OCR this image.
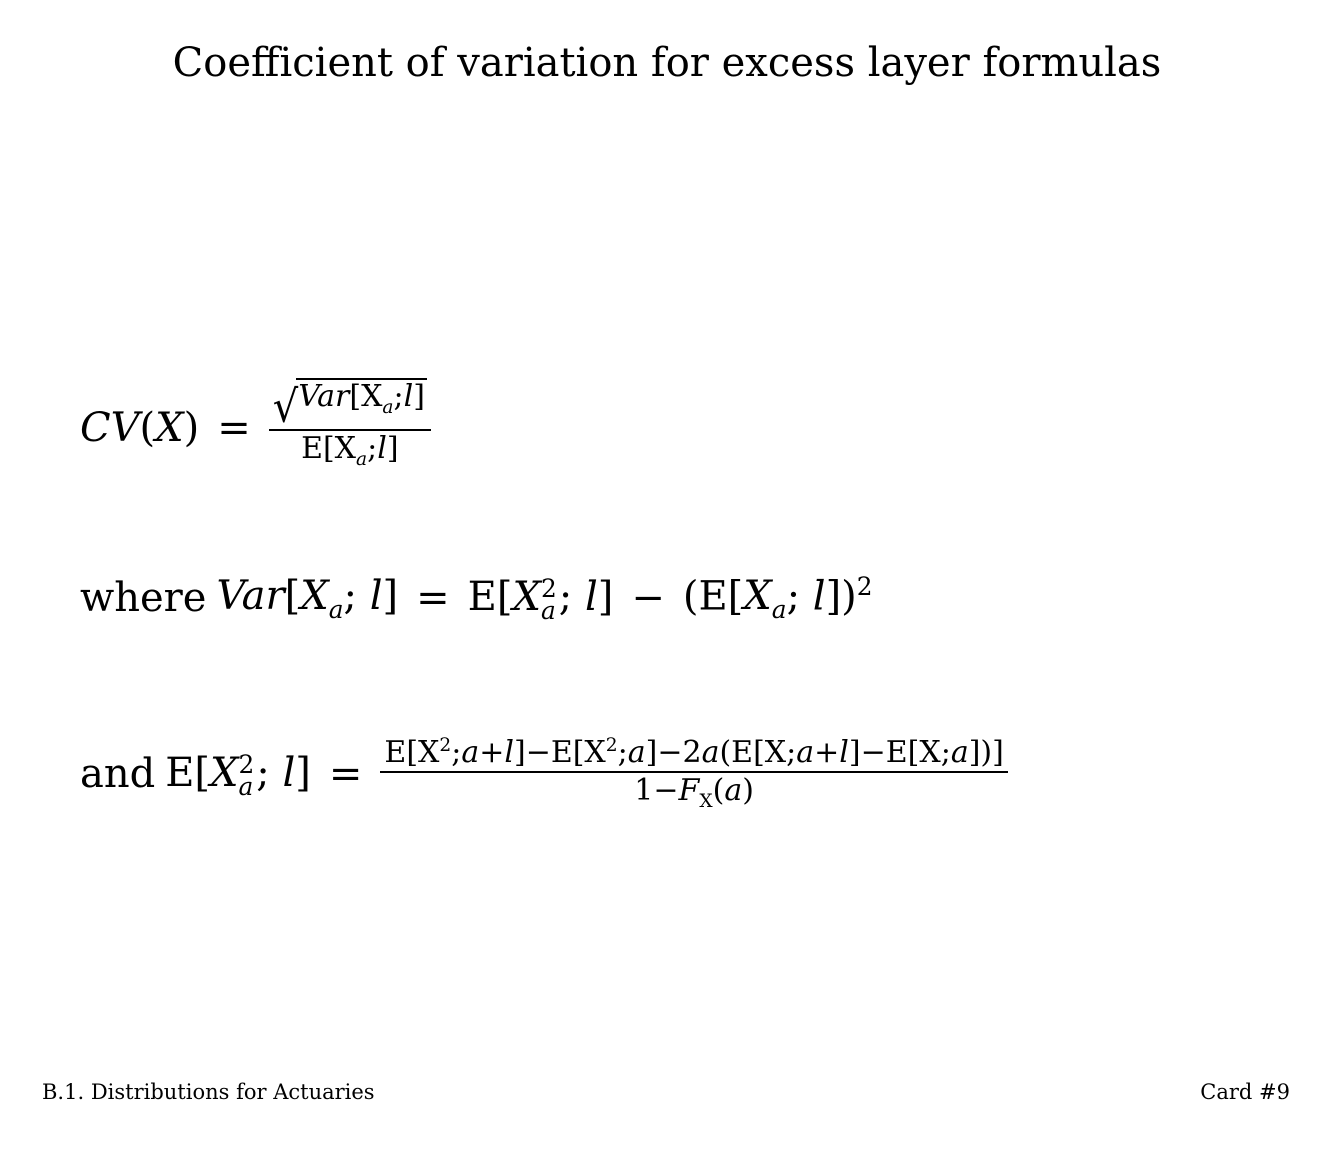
Coefficient of variation for excess layer formulas
$CV(X) = \frac{√ Var[X_a;l]}{E[X_a;l]}$
where $Var[X_a$; l] = E[X 2
a ; $l] - (E[X_a$; l])$^2$
and E[X 2
a ; $l] = \frac{E[X^2;a+l]-E[X^2;a]-2a(E[X;a+l]-E[X;a])]}{1-F_X(a)}$
B.1. Distributions for Actuaries	Card #9
